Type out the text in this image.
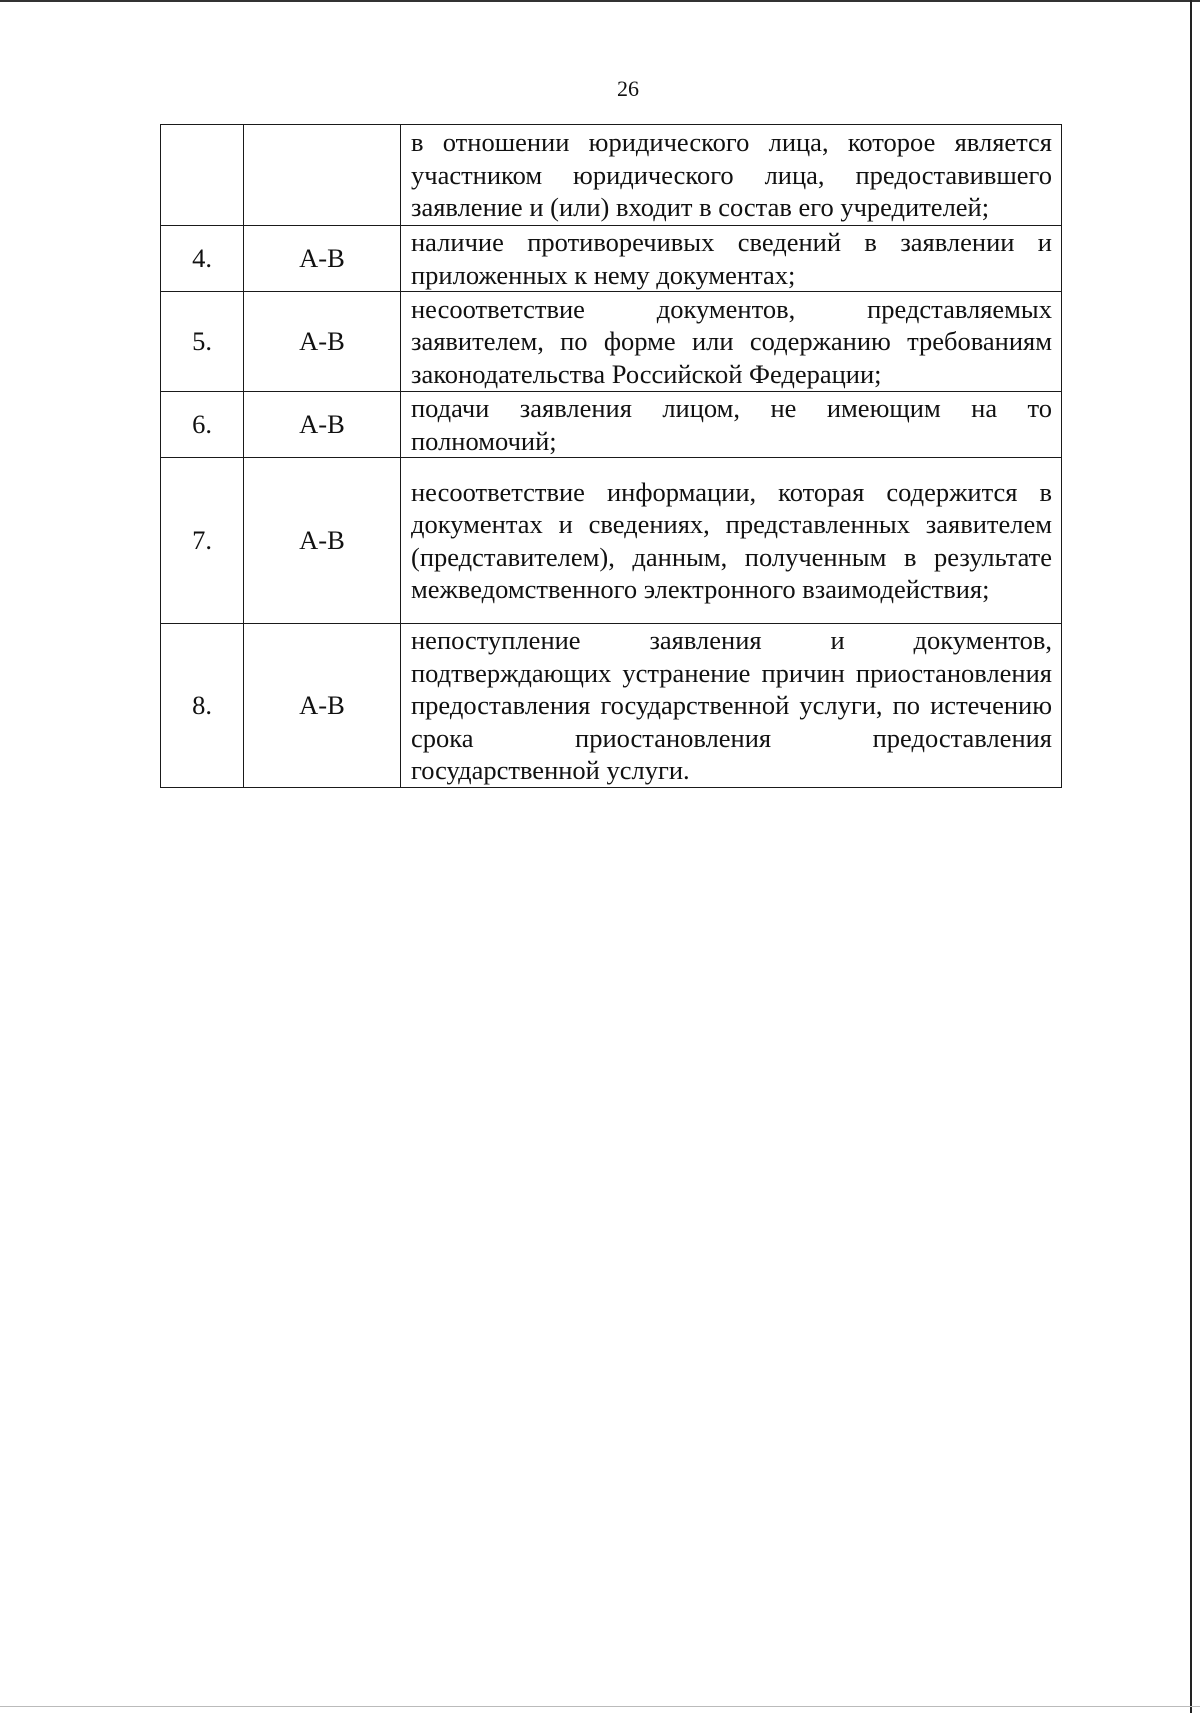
26
		в отношении юридического лица, которое является участником юридического лица, предоставившего заявление и (или) входит в состав его учредителей;
4.	А-В	наличие противоречивых сведений в заявлении и приложенных к нему документах;
5.	А-В	несоответствие документов, представляемых заявителем, по форме или содержанию требованиям законодательства Российской Федерации;
6.	А-В	подачи заявления лицом, не имеющим на то полномочий;
7.	А-В	несоответствие информации, которая содержится в документах и сведениях, представленных заявителем (представителем), данным, полученным в результате межведомственного электронного взаимодействия;
8.	А-В	непоступление заявления и документов, подтверждающих устранение причин приостановления предоставления государственной услуги, по истечению срока приостановления предоставления государственной услуги.
